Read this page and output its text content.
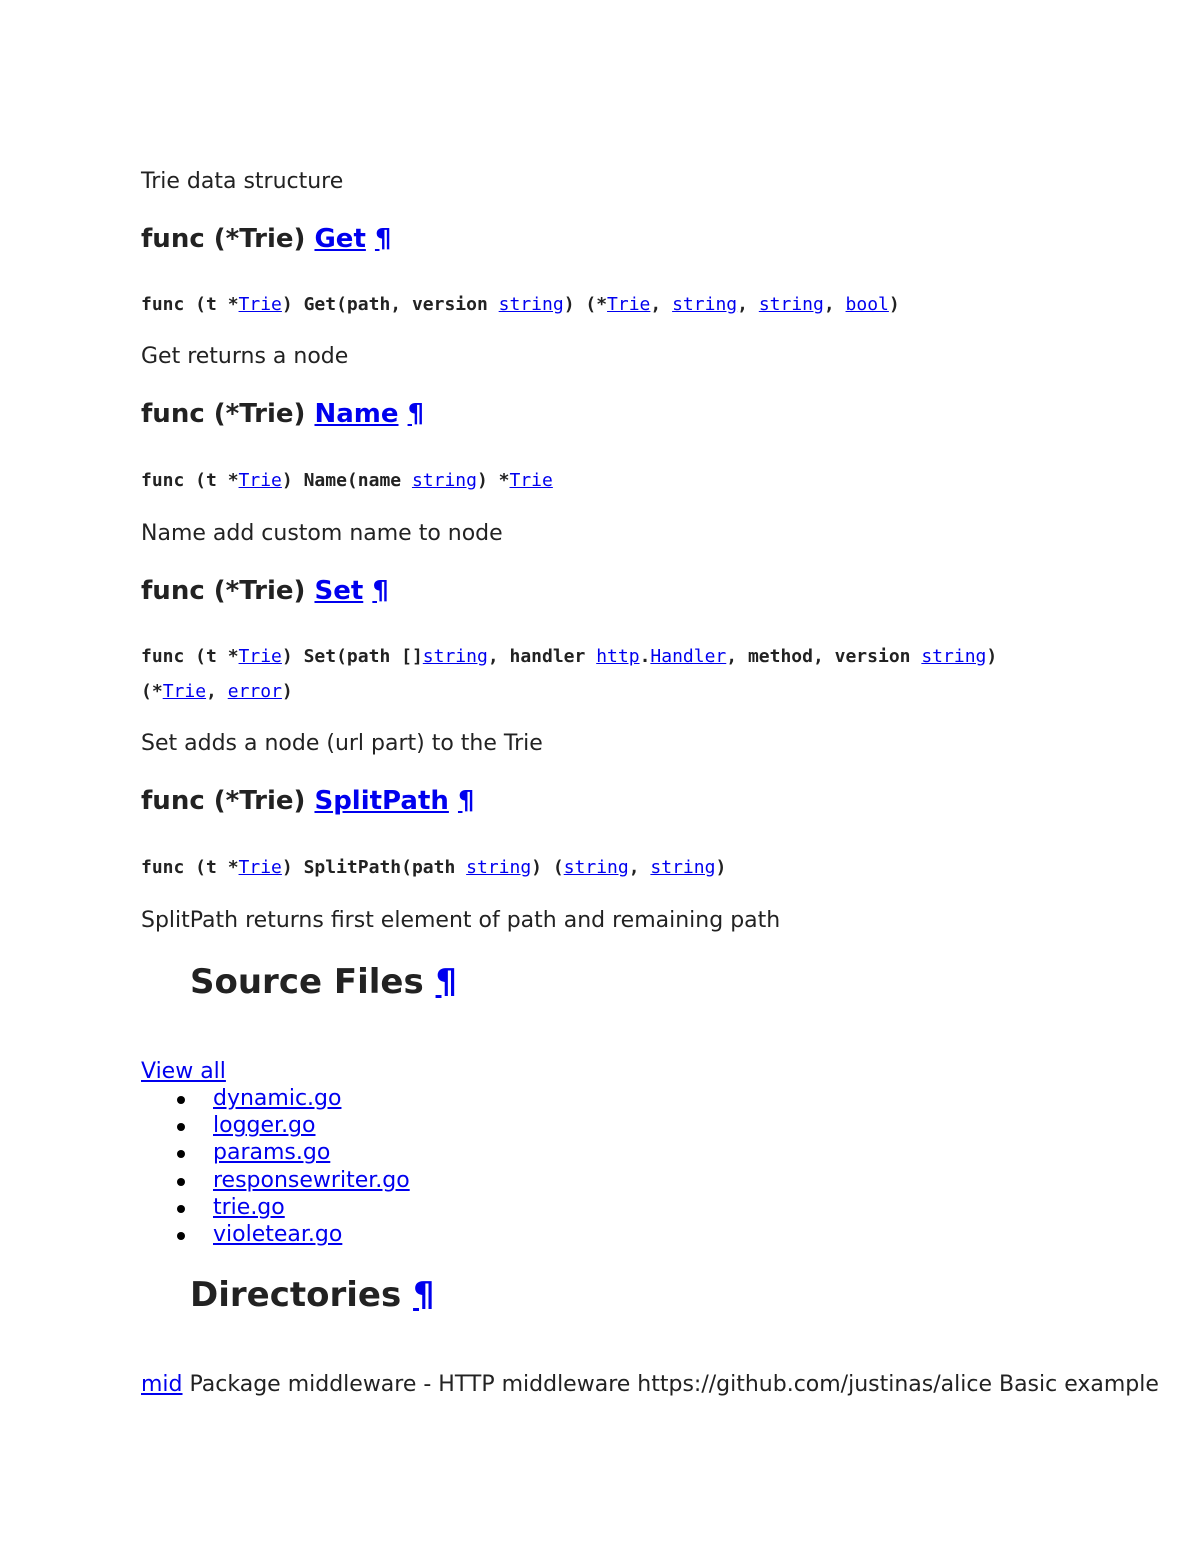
Trie data structure
func (*Trie) Get ¶
func (t *Trie) Get(path, version string) (*Trie, string, string, bool)
Get returns a node
func (*Trie) Name ¶
func (t *Trie) Name(name string) *Trie
Name add custom name to node
func (*Trie) Set ¶
func (t *Trie) Set(path []string, handler http.Handler, method, version string)
(*Trie, error)
Set adds a node (url part) to the Trie
func (*Trie) SplitPath ¶
func (t *Trie) SplitPath(path string) (string, string)
SplitPath returns first element of path and remaining path
Source Files ¶
View all
dynamic.go
logger.go
params.go
responsewriter.go
trie.go
violetear.go
Directories ¶
mid Package middleware - HTTP middleware https://github.com/justinas/alice Basic example
